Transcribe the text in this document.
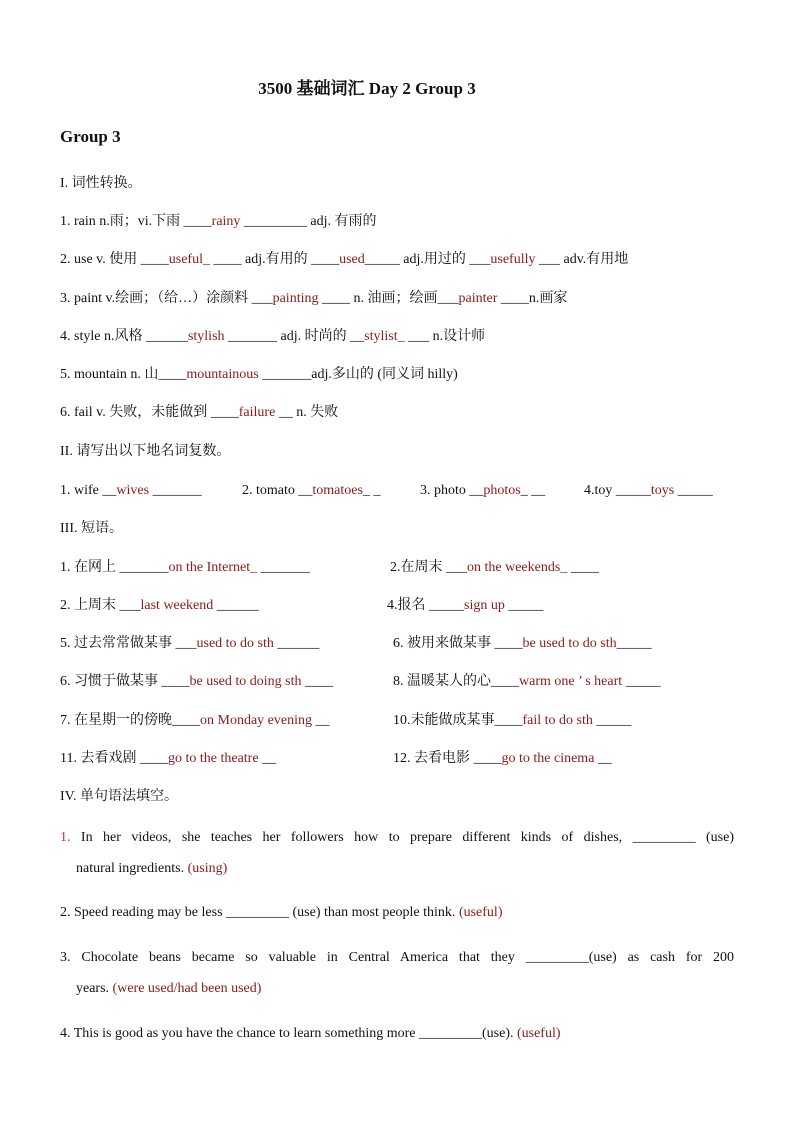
3500 基础词汇 Day 2 Group 3
Group 3
I. 词性转换。
1. rain n.雨；vi.下雨 ____rainy _________ adj. 有雨的
2. use v. 使用 ____useful_ ____ adj.有用的 ____used_____ adj.用过的 ___usefully ___ adv.有用地
3. paint v.绘画；（给…）涂颜料 ___painting ____ n. 油画；绘画___painter ____n.画家
4. style n.风格 ______stylish _______ adj. 时尚的 __stylist_ ___ n.设计师
5. mountain n. 山____mountainous _______adj.多山的 (同义词 hilly)
6. fail v. 失败，未能做到 ____failure __ n. 失败
II. 请写出以下地名词复数。
1. wife __wives _______	2. tomato __tomatoes_ _	3. photo __photos_ __	4.toy _____toys _____
III. 短语。
1. 在网上 _______on the Internet_ _______	2.在周末 ___on the weekends_ ____
2. 上周末 ___last weekend ______	4.报名 _____sign up _____
5. 过去常常做某事 ___used to do sth ______	6. 被用来做某事 ____be used to do sth_____
6. 习惯于做某事 ____be used to doing sth ____	8. 温暖某人的心____warm one ’ s heart _____
7. 在星期一的傍晚____on Monday evening __	10.未能做成某事____fail to do sth _____
11. 去看戏剧 ____go to the theatre __	12. 去看电影 ____go to the cinema __
IV. 单句语法填空。
1. In her videos, she teaches her followers how to prepare different kinds of dishes, _________ (use)
natural ingredients. (using)
2. Speed reading may be less _________ (use) than most people think. (useful)
3. Chocolate beans became so valuable in Central America that they _________(use) as cash for 200
years. (were used/had been used)
4. This is good as you have the chance to learn something more _________(use). (useful)
